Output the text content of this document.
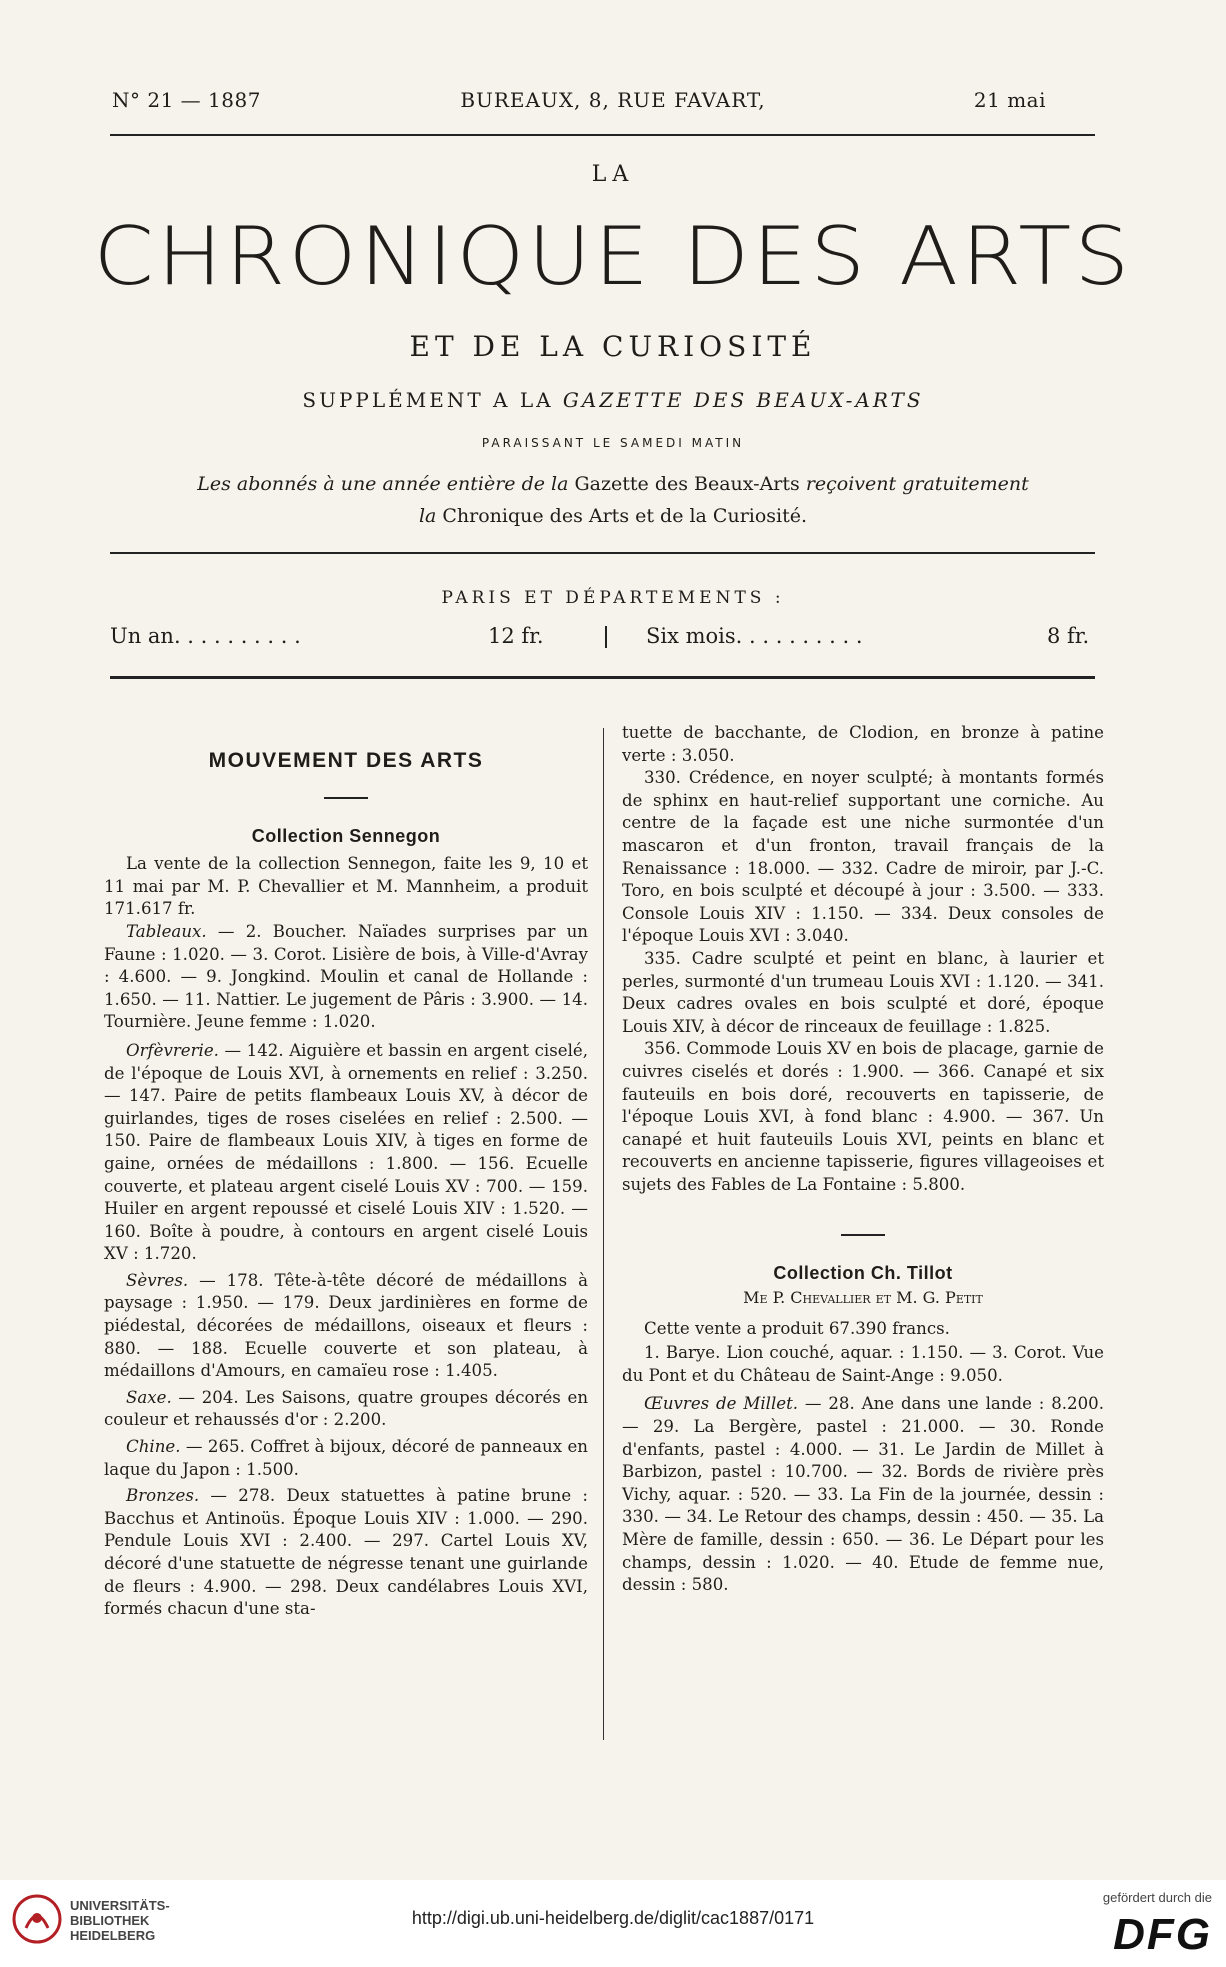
N° 21 — 1887	BUREAUX, 8, RUE FAVART,	21 mai
LA
CHRONIQUE DES ARTS
ET DE LA CURIOSITÉ
SUPPLÉMENT A LA GAZETTE DES BEAUX-ARTS
PARAISSANT LE SAMEDI MATIN
Les abonnés à une année entière de la Gazette des Beaux-Arts reçoivent gratuitement
la Chronique des Arts et de la Curiosité.
PARIS ET DÉPARTEMENTS :
Un an. . . . . . . . . .	12 fr.	Six mois. . . . . . . . . .	8 fr.
MOUVEMENT DES ARTS
Collection Sennegon

La vente de la collection Sennegon, faite les 9, 10 et 11 mai par M. P. Chevallier et M. Mannheim, a produit 171.617 fr.

Tableaux. — 2. Boucher. Naïades surprises par un Faune : 1.020. — 3. Corot. Lisière de bois, à Ville-d'Avray : 4.600. — 9. Jongkind. Moulin et canal de Hollande : 1.650. — 11. Nattier. Le jugement de Pâris : 3.900. — 14. Tournière. Jeune femme : 1.020.

Orfèvrerie. — 142. Aiguière et bassin en argent ciselé, de l'époque de Louis XVI, à ornements en relief : 3.250. — 147. Paire de petits flambeaux Louis XV, à décor de guirlandes, tiges de roses ciselées en relief : 2.500. — 150. Paire de flambeaux Louis XIV, à tiges en forme de gaine, ornées de médaillons : 1.800. — 156. Ecuelle couverte, et plateau argent ciselé Louis XV : 700. — 159. Huiler en argent repoussé et ciselé Louis XIV : 1.520. — 160. Boîte à poudre, à contours en argent ciselé Louis XV : 1.720.

Sèvres. — 178. Tête-à-tête décoré de médaillons à paysage : 1.950. — 179. Deux jardinières en forme de piédestal, décorées de médaillons, oiseaux et fleurs : 880. — 188. Ecuelle couverte et son plateau, à médaillons d'Amours, en camaïeu rose : 1.405.

Saxe. — 204. Les Saisons, quatre groupes décorés en couleur et rehaussés d'or : 2.200.

Chine. — 265. Coffret à bijoux, décoré de panneaux en laque du Japon : 1.500.

Bronzes. — 278. Deux statuettes à patine brune : Bacchus et Antinoüs. Époque Louis XIV : 1.000. — 290. Pendule Louis XVI : 2.400. — 297. Cartel Louis XV, décoré d'une statuette de négresse tenant une guirlande de fleurs : 4.900. — 298. Deux candélabres Louis XVI, formés chacun d'une sta-

tuette de bacchante, de Clodion, en bronze à patine verte : 3.050.

330. Crédence, en noyer sculpté; à montants formés de sphinx en haut-relief supportant une corniche. Au centre de la façade est une niche surmontée d'un mascaron et d'un fronton, travail français de la Renaissance : 18.000. — 332. Cadre de miroir, par J.-C. Toro, en bois sculpté et découpé à jour : 3.500. — 333. Console Louis XIV : 1.150. — 334. Deux consoles de l'époque Louis XVI : 3.040.

335. Cadre sculpté et peint en blanc, à laurier et perles, surmonté d'un trumeau Louis XVI : 1.120. — 341. Deux cadres ovales en bois sculpté et doré, époque Louis XIV, à décor de rinceaux de feuillage : 1.825.

356. Commode Louis XV en bois de placage, garnie de cuivres ciselés et dorés : 1.900. — 366. Canapé et six fauteuils en bois doré, recouverts en tapisserie, de l'époque Louis XVI, à fond blanc : 4.900. — 367. Un canapé et huit fauteuils Louis XVI, peints en blanc et recouverts en ancienne tapisserie, figures villageoises et sujets des Fables de La Fontaine : 5.800.

Collection Ch. Tillot
Me P. Chevallier et M. G. Petit

Cette vente a produit 67.390 francs.

1. Barye. Lion couché, aquar. : 1.150. — 3. Corot. Vue du Pont et du Château de Saint-Ange : 9.050.

Œuvres de Millet. — 28. Ane dans une lande : 8.200. — 29. La Bergère, pastel : 21.000. — 30. Ronde d'enfants, pastel : 4.000. — 31. Le Jardin de Millet à Barbizon, pastel : 10.700. — 32. Bords de rivière près Vichy, aquar. : 520. — 33. La Fin de la journée, dessin : 330. — 34. Le Retour des champs, dessin : 450. — 35. La Mère de famille, dessin : 650. — 36. Le Départ pour les champs, dessin : 1.020. — 40. Etude de femme nue, dessin : 580.

UNIVERSITÄTS-
BIBLIOTHEK
HEIDELBERG
http://digi.ub.uni-heidelberg.de/diglit/cac1887/0171
gefördert durch die
DFG
